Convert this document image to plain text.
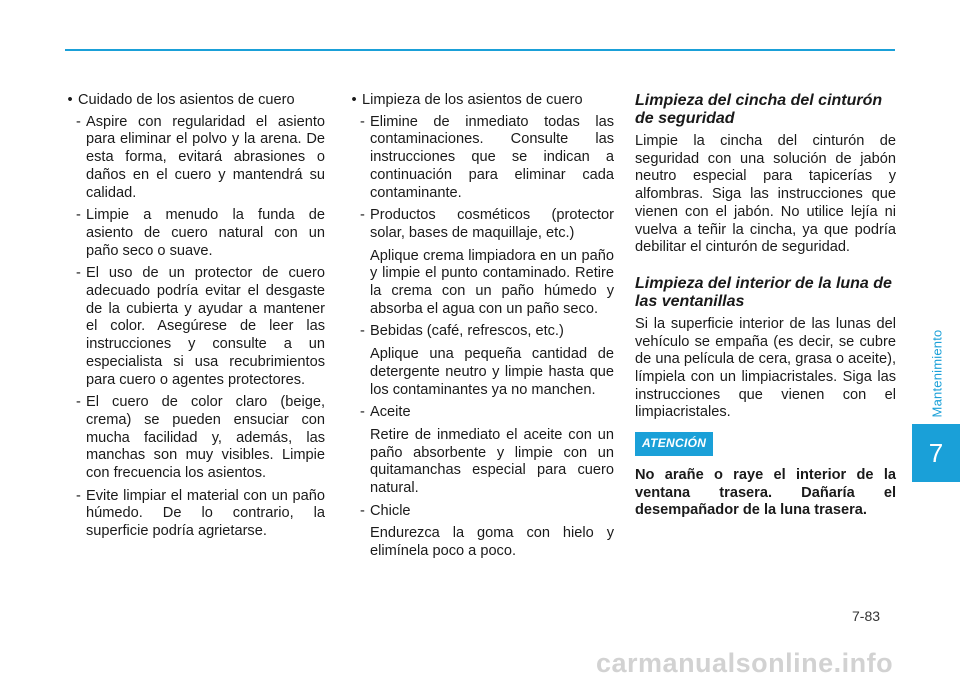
Mantenimiento
7
• Cuidado de los asientos de cuero
- Aspire con regularidad el asiento para eliminar el polvo y la arena. De esta forma, evitará abrasiones o daños en el cuero y mantendrá su calidad.
- Limpie a menudo la funda de asiento de cuero natural con un paño seco o suave.
- El uso de un protector de cuero adecuado podría evitar el desgaste de la cubierta y ayudar a mantener el color. Asegúrese de leer las instrucciones y consulte a un especialista si usa recubrimientos para cuero o agentes protectores.
- El cuero de color claro (beige, crema) se pueden ensuciar con mucha facilidad y, además, las manchas son muy visibles. Limpie con frecuencia los asientos.
- Evite limpiar el material con un paño húmedo. De lo contrario, la superficie podría agrietarse.
• Limpieza de los asientos de cuero
- Elimine de inmediato todas las contaminaciones. Consulte las instrucciones que se indican a continuación para eliminar cada contaminante.
- Productos cosméticos (protector solar, bases de maquillaje, etc.)
Aplique crema limpiadora en un paño y limpie el punto contaminado. Retire la crema con un paño húmedo y absorba el agua con un paño seco.
- Bebidas (café, refrescos, etc.)
Aplique una pequeña cantidad de detergente neutro y limpie hasta que los contaminantes ya no manchen.
- Aceite
Retire de inmediato el aceite con un paño absorbente y limpie con un quitamanchas especial para cuero natural.
- Chicle
Endurezca la goma con hielo y elimínela poco a poco.
Limpieza del cincha del cinturón de seguridad
Limpie la cincha del cinturón de seguridad con una solución de jabón neutro especial para tapicerías y alfombras. Siga las instrucciones que vienen con el jabón. No utilice lejía ni vuelva a teñir la cincha, ya que podría debilitar el cinturón de seguridad.
Limpieza del interior de la luna de las ventanillas
Si la superficie interior de las lunas del vehículo se empaña (es decir, se cubre de una película de cera, grasa o aceite), límpiela con un limpiacristales. Siga las instrucciones que vienen con el limpiacristales.
ATENCIÓN
No arañe o raye el interior de la ventana trasera. Dañaría el desempañador de la luna trasera.
7-83
carmanualsonline.info
